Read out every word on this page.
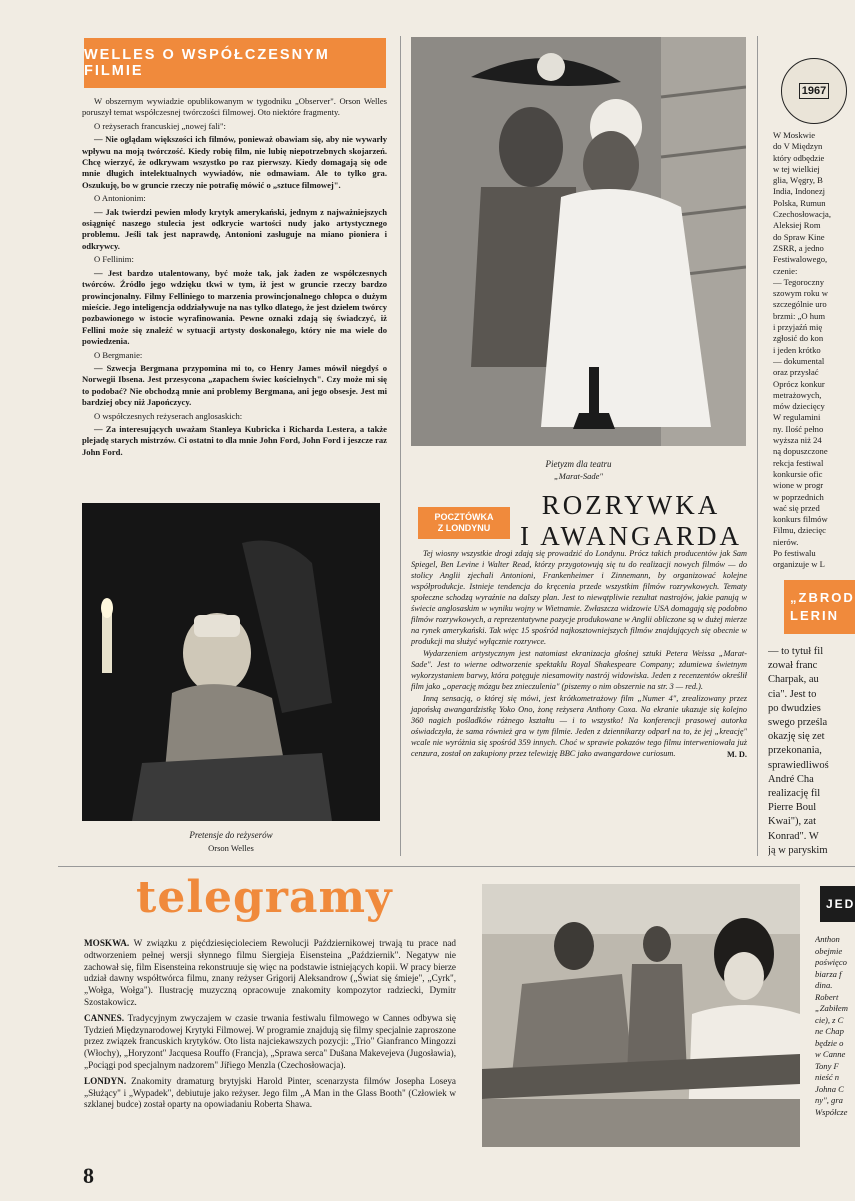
WELLES O WSPÓŁCZESNYM FILMIE

W obszernym wywiadzie opublikowanym w tygodniku „Observer". Orson Welles poruszył temat współczesnej twórczości filmowej. Oto niektóre fragmenty.

O reżyserach francuskiej „nowej fali":

— Nie oglądam większości ich filmów, ponieważ obawiam się, aby nie wywarły wpływu na moją twórczość. Kiedy robię film, nie lubię niepotrzebnych skojarzeń. Chcę wierzyć, że odkrywam wszystko po raz pierwszy. Kiedy domagają się ode mnie długich intelektualnych wywiadów, nie odmawiam. Ale to tylko gra. Oszukuję, bo w gruncie rzeczy nie potrafię mówić o „sztuce filmowej".

O Antonionim:

— Jak twierdzi pewien młody krytyk amerykański, jednym z najważniejszych osiągnięć naszego stulecia jest odkrycie wartości nudy jako artystycznego problemu. Jeśli tak jest naprawdę, Antonioni zasługuje na miano pioniera i odkrywcy.

O Fellinim:

— Jest bardzo utalentowany, być może tak, jak żaden ze współczesnych twórców. Źródło jego wdzięku tkwi w tym, iż jest w gruncie rzeczy bardzo prowincjonalny. Filmy Felliniego to marzenia prowincjonalnego chłopca o dużym mieście. Jego inteligencja oddziaływuje na nas tylko dlatego, że jest dziełem twórcy pozbawionego w istocie wyrafinowania. Pewne oznaki zdają się świadczyć, iż Fellini może się znaleźć w sytuacji artysty doskonałego, który nie ma wiele do powiedzenia.

O Bergmanie:

— Szwecja Bergmana przypomina mi to, co Henry James mówił niegdyś o Norwegii Ibsena. Jest przesycona „zapachem świec kościelnych". Czy może mi się to podobać? Nie obchodzą mnie ani problemy Bergmana, ani jego obsesje. Jest mi bardziej obcy niż Japończycy.

O współczesnych reżyserach anglosaskich:

— Za interesujących uważam Stanleya Kubricka i Richarda Lestera, a także plejadę starych mistrzów. Ci ostatni to dla mnie John Ford, John Ford i jeszcze raz John Ford.

Pretensje do reżyserów
Orson Welles
Pietyzm dla teatru
„Marat-Sade"
POCZTÓWKA
Z LONDYNU
ROZRYWKA
I AWANGARDA

Tej wiosny wszystkie drogi zdają się prowadzić do Londynu. Prócz takich producentów jak Sam Spiegel, Ben Levine i Walter Read, którzy przygotowują się tu do realizacji nowych filmów — do stolicy Anglii zjechali Antonioni, Frankenheimer i Zinnemann, by organizować kolejne współprodukcje. Istnieje tendencja do kręcenia przede wszystkim filmów rozrywkowych. Tematy społeczne schodzą wyraźnie na dalszy plan. Jest to niewątpliwie rezultat nastrojów, jakie panują w świecie anglosaskim w wyniku wojny w Wietnamie. Zwłaszcza widzowie USA domagają się podobno filmów rozrywkowych, a reprezentatywne pozycje produkowane w Anglii obliczone są w dużej mierze na rynek amerykański. Tak więc 15 spośród najkosztowniejszych filmów znajdujących się obecnie w produkcji ma służyć wyłącznie rozrywce.

Wydarzeniem artystycznym jest natomiast ekranizacja głośnej sztuki Petera Weissa „Marat-Sade". Jest to wierne odtworzenie spektaklu Royal Shakespeare Company; zdumiewa świetnym wykorzystaniem barwy, która potęguje niesamowity nastrój widowiska. Jeden z recenzentów określił film jako „operację mózgu bez znieczulenia" (piszemy o nim obszernie na str. 3 — red.).

Inną sensacją, o której się mówi, jest krótkometrażowy film „Numer 4", zrealizowany przez japońską awangardzistkę Yoko Ono, żonę reżysera Anthony Coxa. Na ekranie ukazuje się kolejno 360 nagich pośladków różnego kształtu — i to wszystko! Na konferencji prasowej autorka oświadczyła, że sama również gra w tym filmie. Jeden z dziennikarzy odparł na to, że jej „kreację" wcale nie wyróżnia się spośród 359 innych. Choć w sprawie pokazów tego filmu interweniowała już cenzura, został on zakupiony przez telewizję BBC jako awangardowe curiosum.	M. D.
1967
W Moskwie
do V Międzyn
który odbędzie
w tej wielkiej
glia, Węgry, B
India, Indonezj
Polska, Rumun
Czechosłowacja,
Aleksiej Rom
do Spraw Kine
ZSRR, a jedno
Festiwalowego,
czenie:
— Tegoroczny
szowym roku w
szczególnie uro
brzmi: „O hum
i przyjaźń mię
zgłosić do kon
i jeden krótko
— dokumental
oraz przysłać
Oprócz konkur
metrażowych,
mów dziecięcy
W regulamini
ny. Ilość pełno
wyższa niż 24
ną dopuszczone
rekcja festiwal
konkursie ofic
wione w progr
w poprzednich
wać się przed
konkurs filmów
Filmu, dziecięc
nierów.
Po festiwalu
organizuje w L
„ZBROD
LERIN
— to tytuł fil
zował franc
Charpak, au
cia". Jest to
po dwudzies
swego prześla
okazję się zet
przekonania,
sprawiedliwoś
André Cha
realizację fil
Pierre Boul
Kwai"), zat
Konrad". W
ją w paryskim
telegramy

MOSKWA. W związku z pięćdziesięcioleciem Rewolucji Październikowej trwają tu prace nad odtworzeniem pełnej wersji słynnego filmu Siergieja Eisensteina „Październik". Negatyw nie zachował się, film Eisensteina rekonstruuje się więc na podstawie istniejących kopii. W pracy bierze udział dawny współtwórca filmu, znany reżyser Grigorij Aleksandrow („Świat się śmieje", „Cyrk", „Wołga, Wołga"). Ilustrację muzyczną opracowuje znakomity kompozytor radziecki, Dymitr Szostakowicz.

CANNES. Tradycyjnym zwyczajem w czasie trwania festiwalu filmowego w Cannes odbywa się Tydzień Międzynarodowej Krytyki Filmowej. W programie znajdują się filmy specjalnie zaproszone przez związek francuskich krytyków. Oto lista najciekawszych pozycji: „Trio" Gianfranco Mingozzi (Włochy), „Horyzont" Jacquesa Rouffo (Francja), „Sprawa serca" Dušana Makevejeva (Jugosławia), „Pociągi pod specjalnym nadzorem" Jiřiego Menzla (Czechosłowacja).

LONDYN. Znakomity dramaturg brytyjski Harold Pinter, scenarzysta filmów Josepha Loseya „Służący" i „Wypadek", debiutuje jako reżyser. Jego film „A Man in the Glass Booth" (Człowiek w szklanej budce) został oparty na opowiadaniu Roberta Shawa.

8
JED
Anthon
obejmie
poświęco
biarza f
dina.
Robert
„Zabiłem
cie), z C
ne Chap
będzie o
w Canne
Tony F
nieść n
Johna C
ny", gra
Współcze
